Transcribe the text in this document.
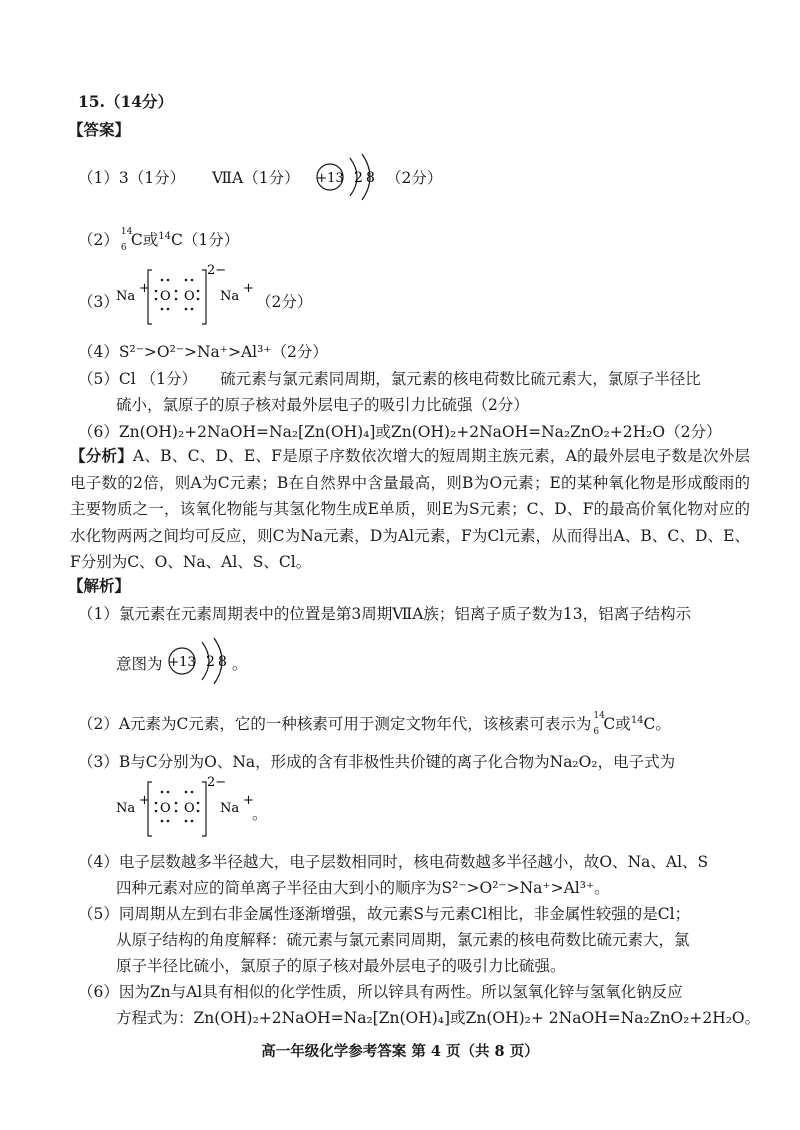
15.（14分）
【答案】
（1）3（1分） ⅦA（1分） +13 2 8 （2分）
（2） 14
6 C或$^{14}$C（1分）
（3）
Na
+
O O
2−
Na
+
（2分）
（4）S²⁻>O²⁻>Na⁺>Al³⁺（2分）
（5）Cl （1分）　　硫元素与氯元素同周期，氯元素的核电荷数比硫元素大，氯原子半径比
硫小，氯原子的原子核对最外层电子的吸引力比硫强（2分）
（6）Zn(OH)₂+2NaOH=Na₂[Zn(OH)₄]或Zn(OH)₂+2NaOH=Na₂ZnO₂+2H₂O（2分）
【分析】A、B、C、D、E、F是原子序数依次增大的短周期主族元素，A的最外层电子数是次外层电子数的2倍，则A为C元素；B在自然界中含量最高，则B为O元素；E的某种氧化物是形成酸雨的主要物质之一，该氧化物能与其氢化物生成E单质，则E为S元素；C、D、F的最高价氧化物对应的水化物两两之间均可反应，则C为Na元素，D为Al元素，F为Cl元素，从而得出A、B、C、D、E、F分别为C、O、Na、Al、S、Cl。
【解析】
（1）氯元素在元素周期表中的位置是第3周期ⅦA族；铝离子质子数为13，铝离子结构示
意图为 +13 2 8 。
（2）A元素为C元素，它的一种核素可用于测定文物年代，该核素可表示为 14
6 C或$^{14}$C。
（3）B与C分别为O、Na，形成的含有非极性共价键的离子化合物为Na₂O₂，电子式为
Na
+
O O
2−
Na
+
。
（4）电子层数越多半径越大，电子层数相同时，核电荷数越多半径越小，故O、Na、Al、S
四种元素对应的简单离子半径由大到小的顺序为S²⁻>O²⁻>Na⁺>Al³⁺。
（5）同周期从左到右非金属性逐渐增强，故元素S与元素Cl相比，非金属性较强的是Cl；
从原子结构的角度解释：硫元素与氯元素同周期，氯元素的核电荷数比硫元素大，氯
原子半径比硫小，氯原子的原子核对最外层电子的吸引力比硫强。
（6）因为Zn与Al具有相似的化学性质，所以锌具有两性。所以氢氧化锌与氢氧化钠反应
方程式为：Zn(OH)₂+2NaOH=Na₂[Zn(OH)₄]或Zn(OH)₂+ 2NaOH=Na₂ZnO₂+2H₂O。
高一年级化学参考答案 第 4 页（共 8 页）
